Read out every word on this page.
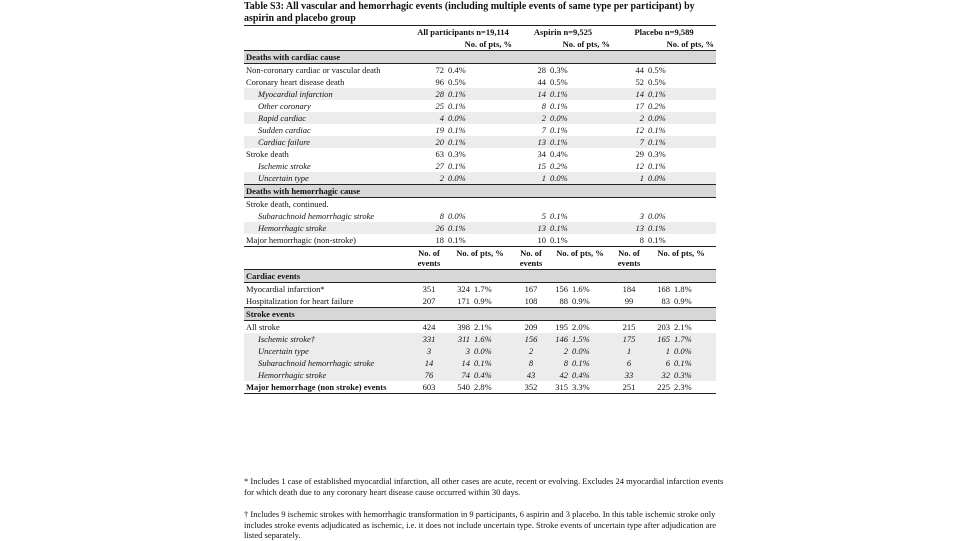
Table S3: All vascular and hemorrhagic events (including multiple events of same type per participant) by aspirin and placebo group
	All participants n=19,114			Aspirin n=9,525			Placebo n=9,589		
	No. of pts, %			No. of pts, %			No. of pts, %		
Deaths with cardiac cause									
Non-coronary cardiac or vascular death	72	0.4%		28	0.3%		44	0.5%	
Coronary heart disease death	96	0.5%		44	0.5%		52	0.5%	
Myocardial infarction	28	0.1%		14	0.1%		14	0.1%	
Other coronary	25	0.1%		8	0.1%		17	0.2%	
Rapid cardiac	4	0.0%		2	0.0%		2	0.0%	
Sudden cardiac	19	0.1%		7	0.1%		12	0.1%	
Cardiac failure	20	0.1%		13	0.1%		7	0.1%	
Stroke death	63	0.3%		34	0.4%		29	0.3%	
Ischemic stroke	27	0.1%		15	0.2%		12	0.1%	
Uncertain type	2	0.0%		1	0.0%		1	0.0%	
Deaths with hemorrhagic cause									
Stroke death, continued.									
Subarachnoid hemorrhagic stroke	8	0.0%		5	0.1%		3	0.0%	
Hemorrhagic stroke	26	0.1%		13	0.1%		13	0.1%	
Major hemorrhagic (non-stroke)	18	0.1%		10	0.1%		8	0.1%	
	No. of events	No. of pts, %		No. of events	No. of pts, %		No. of events	No. of pts, %	
Cardiac events									
Myocardial infarction*	351	324	1.7%	167	156	1.6%	184	168	1.8%
Hospitalization for heart failure	207	171	0.9%	108	88	0.9%	99	83	0.9%
Stroke events									
All stroke	424	398	2.1%	209	195	2.0%	215	203	2.1%
Ischemic stroke†	331	311	1.6%	156	146	1.5%	175	165	1.7%
Uncertain type	3	3	0.0%	2	2	0.0%	1	1	0.0%
Subarachnoid hemorrhagic stroke	14	14	0.1%	8	8	0.1%	6	6	0.1%
Hemorrhagic stroke	76	74	0.4%	43	42	0.4%	33	32	0.3%
Major hemorrhage (non stroke) events	603	540	2.8%	352	315	3.3%	251	225	2.3%
* Includes 1 case of established myocardial infarction, all other cases are acute, recent or evolving. Excludes 24 myocardial infarction events for which death due to any coronary heart disease cause occurred within 30 days.
† Includes 9 ischemic strokes with hemorrhagic transformation in 9 participants, 6 aspirin and 3 placebo. In this table ischemic stroke only includes stroke events adjudicated as ischemic, i.e. it does not include uncertain type. Stroke events of uncertain type after adjudication are listed separately.
